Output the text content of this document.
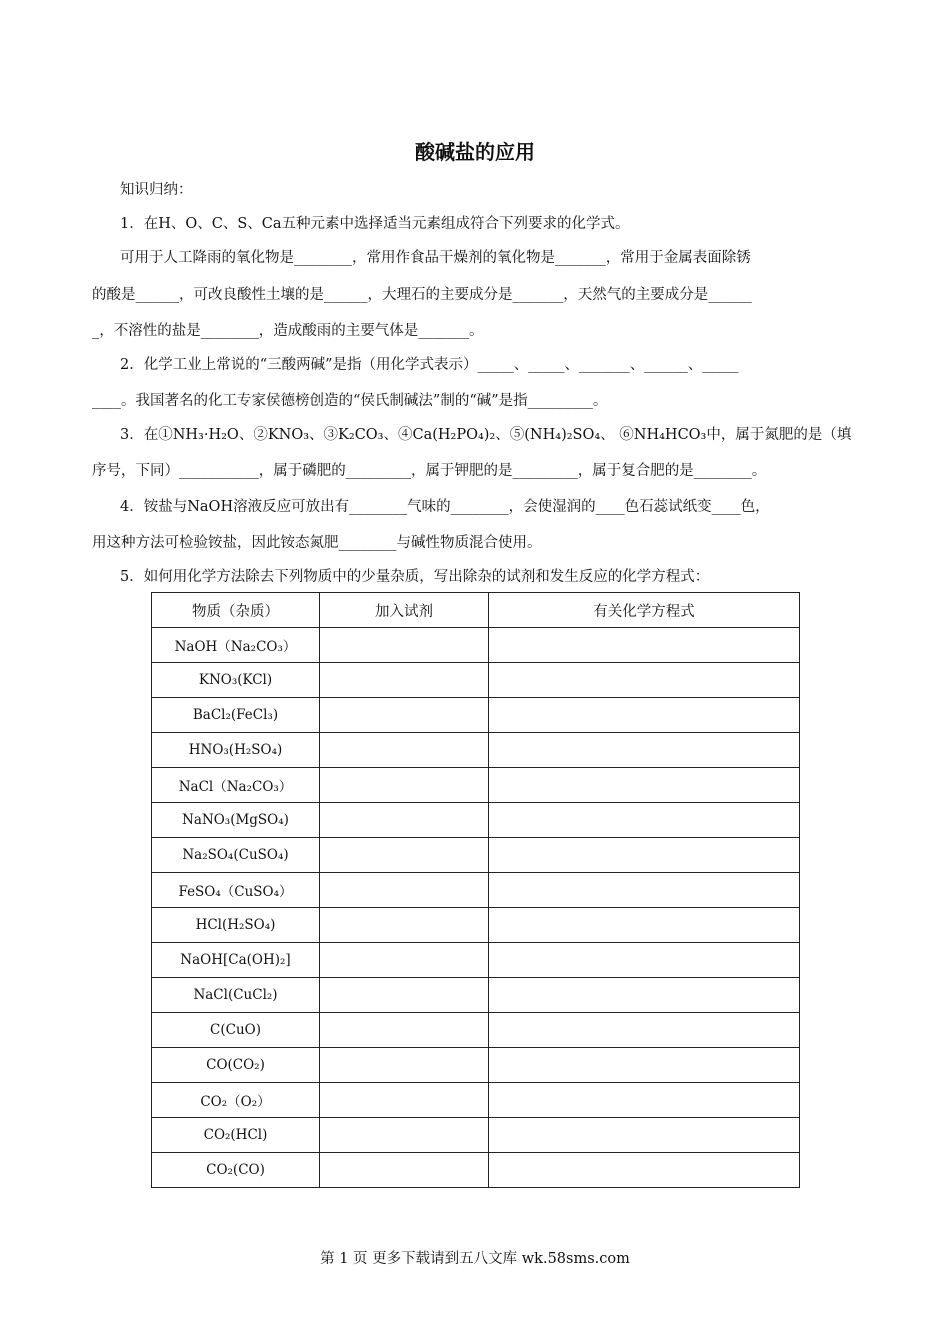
酸碱盐的应用
知识归纳：
1．在H、O、C、S、Ca五种元素中选择适当元素组成符合下列要求的化学式。
可用于人工降雨的氧化物是________，常用作食品干燥剂的氧化物是_______，常用于金属表面除锈
的酸是______，可改良酸性土壤的是______，大理石的主要成分是_______，天然气的主要成分是______
_，不溶性的盐是________，造成酸雨的主要气体是_______。
2．化学工业上常说的“三酸两碱”是指（用化学式表示）_____、_____、_______、______、_____
____。我国著名的化工专家侯德榜创造的“侯氏制碱法”制的“碱”是指_________。
3．在①NH₃·H₂O、②KNO₃、③K₂CO₃、④Ca(H₂PO₄)₂、⑤(NH₄)₂SO₄、 ⑥NH₄HCO₃中，属于氮肥的是（填
序号，下同）___________，属于磷肥的_________，属于钾肥的是_________，属于复合肥的是________。
4．铵盐与NaOH溶液反应可放出有________气味的________，会使湿润的____色石蕊试纸变____色，
用这种方法可检验铵盐，因此铵态氮肥________与碱性物质混合使用。
5．如何用化学方法除去下列物质中的少量杂质，写出除杂的试剂和发生反应的化学方程式：
物质（杂质）	加入试剂	有关化学方程式
NaOH（Na₂CO₃）		
KNO₃(KCl)		
BaCl₂(FeCl₃)		
HNO₃(H₂SO₄)		
NaCl（Na₂CO₃）		
NaNO₃(MgSO₄)		
Na₂SO₄(CuSO₄)		
FeSO₄（CuSO₄）		
HCl(H₂SO₄)		
NaOH[Ca(OH)₂]		
NaCl(CuCl₂)		
C(CuO)		
CO(CO₂)		
CO₂（O₂）		
CO₂(HCl)		
CO₂(CO)		
第 1 页 更多下载请到五八文库 wk.58sms.com
